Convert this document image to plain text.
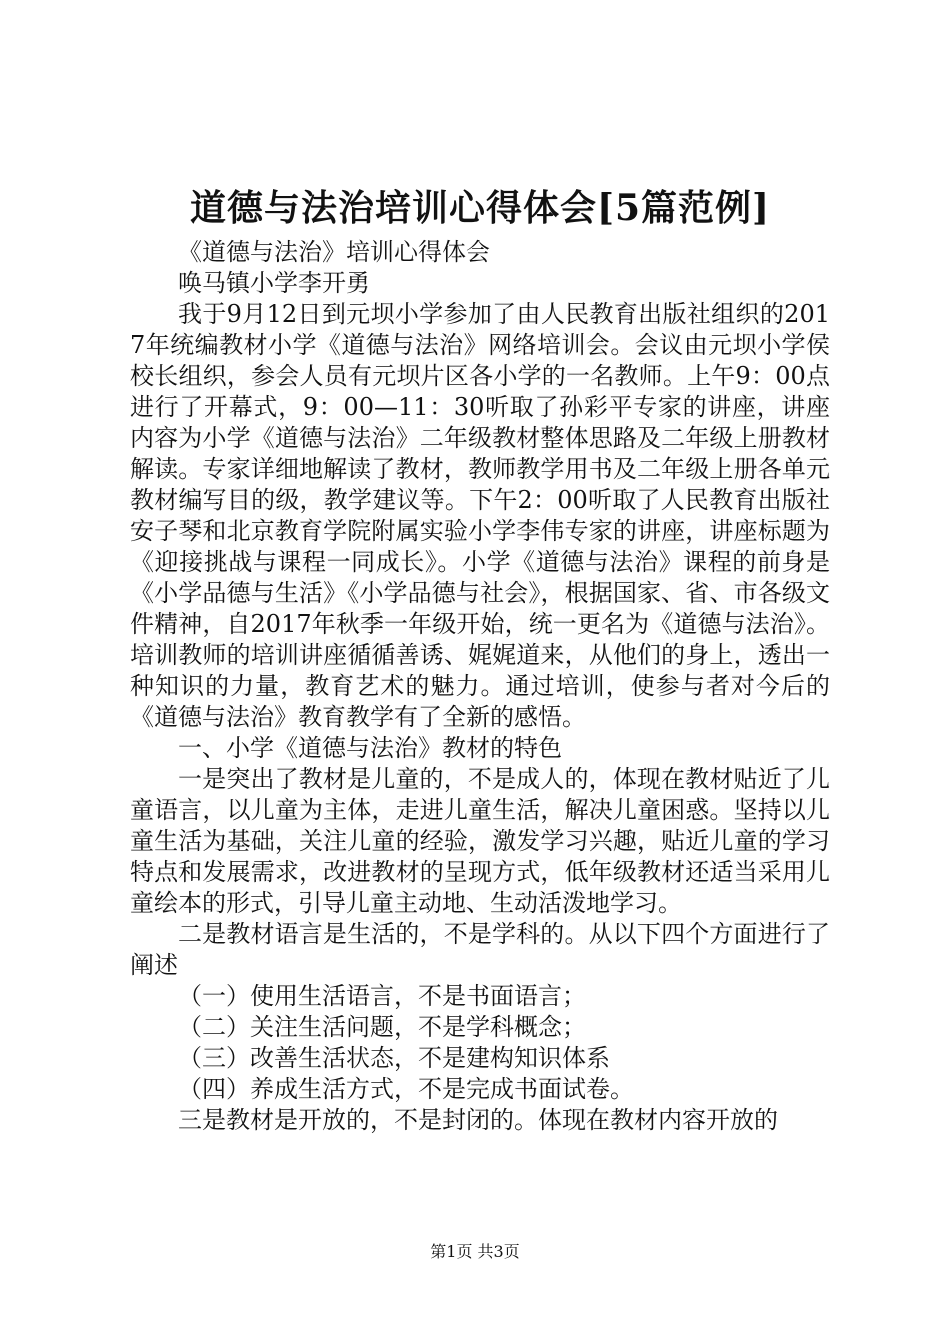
道德与法治培训心得体会[5篇范例]

《道德与法治》培训心得体会

唤马镇小学李开勇

我于9月12日到元坝小学参加了由人民教育出版社组织的2017年统编教材小学《道德与法治》网络培训会。会议由元坝小学侯校长组织，参会人员有元坝片区各小学的一名教师。上午9：00点进行了开幕式，9：00—11：30听取了孙彩平专家的讲座，讲座内容为小学《道德与法治》二年级教材整体思路及二年级上册教材解读。专家详细地解读了教材，教师教学用书及二年级上册各单元教材编写目的级，教学建议等。下午2：00听取了人民教育出版社安子琴和北京教育学院附属实验小学李伟专家的讲座，讲座标题为《迎接挑战与课程一同成长》。小学《道德与法治》课程的前身是《小学品德与生活》《小学品德与社会》，根据国家、省、市各级文件精神，自2017年秋季一年级开始，统一更名为《道德与法治》。培训教师的培训讲座循循善诱、娓娓道来，从他们的身上，透出一种知识的力量，教育艺术的魅力。通过培训，使参与者对今后的《道德与法治》教育教学有了全新的感悟。

一、小学《道德与法治》教材的特色

一是突出了教材是儿童的，不是成人的，体现在教材贴近了儿童语言，以儿童为主体，走进儿童生活，解决儿童困惑。坚持以儿童生活为基础，关注儿童的经验，激发学习兴趣，贴近儿童的学习特点和发展需求，改进教材的呈现方式，低年级教材还适当采用儿童绘本的形式，引导儿童主动地、生动活泼地学习。

二是教材语言是生活的，不是学科的。从以下四个方面进行了阐述

（一）使用生活语言，不是书面语言；

（二）关注生活问题，不是学科概念；

（三）改善生活状态，不是建构知识体系

（四）养成生活方式，不是完成书面试卷。

三是教材是开放的，不是封闭的。体现在教材内容开放的

第1页 共3页
